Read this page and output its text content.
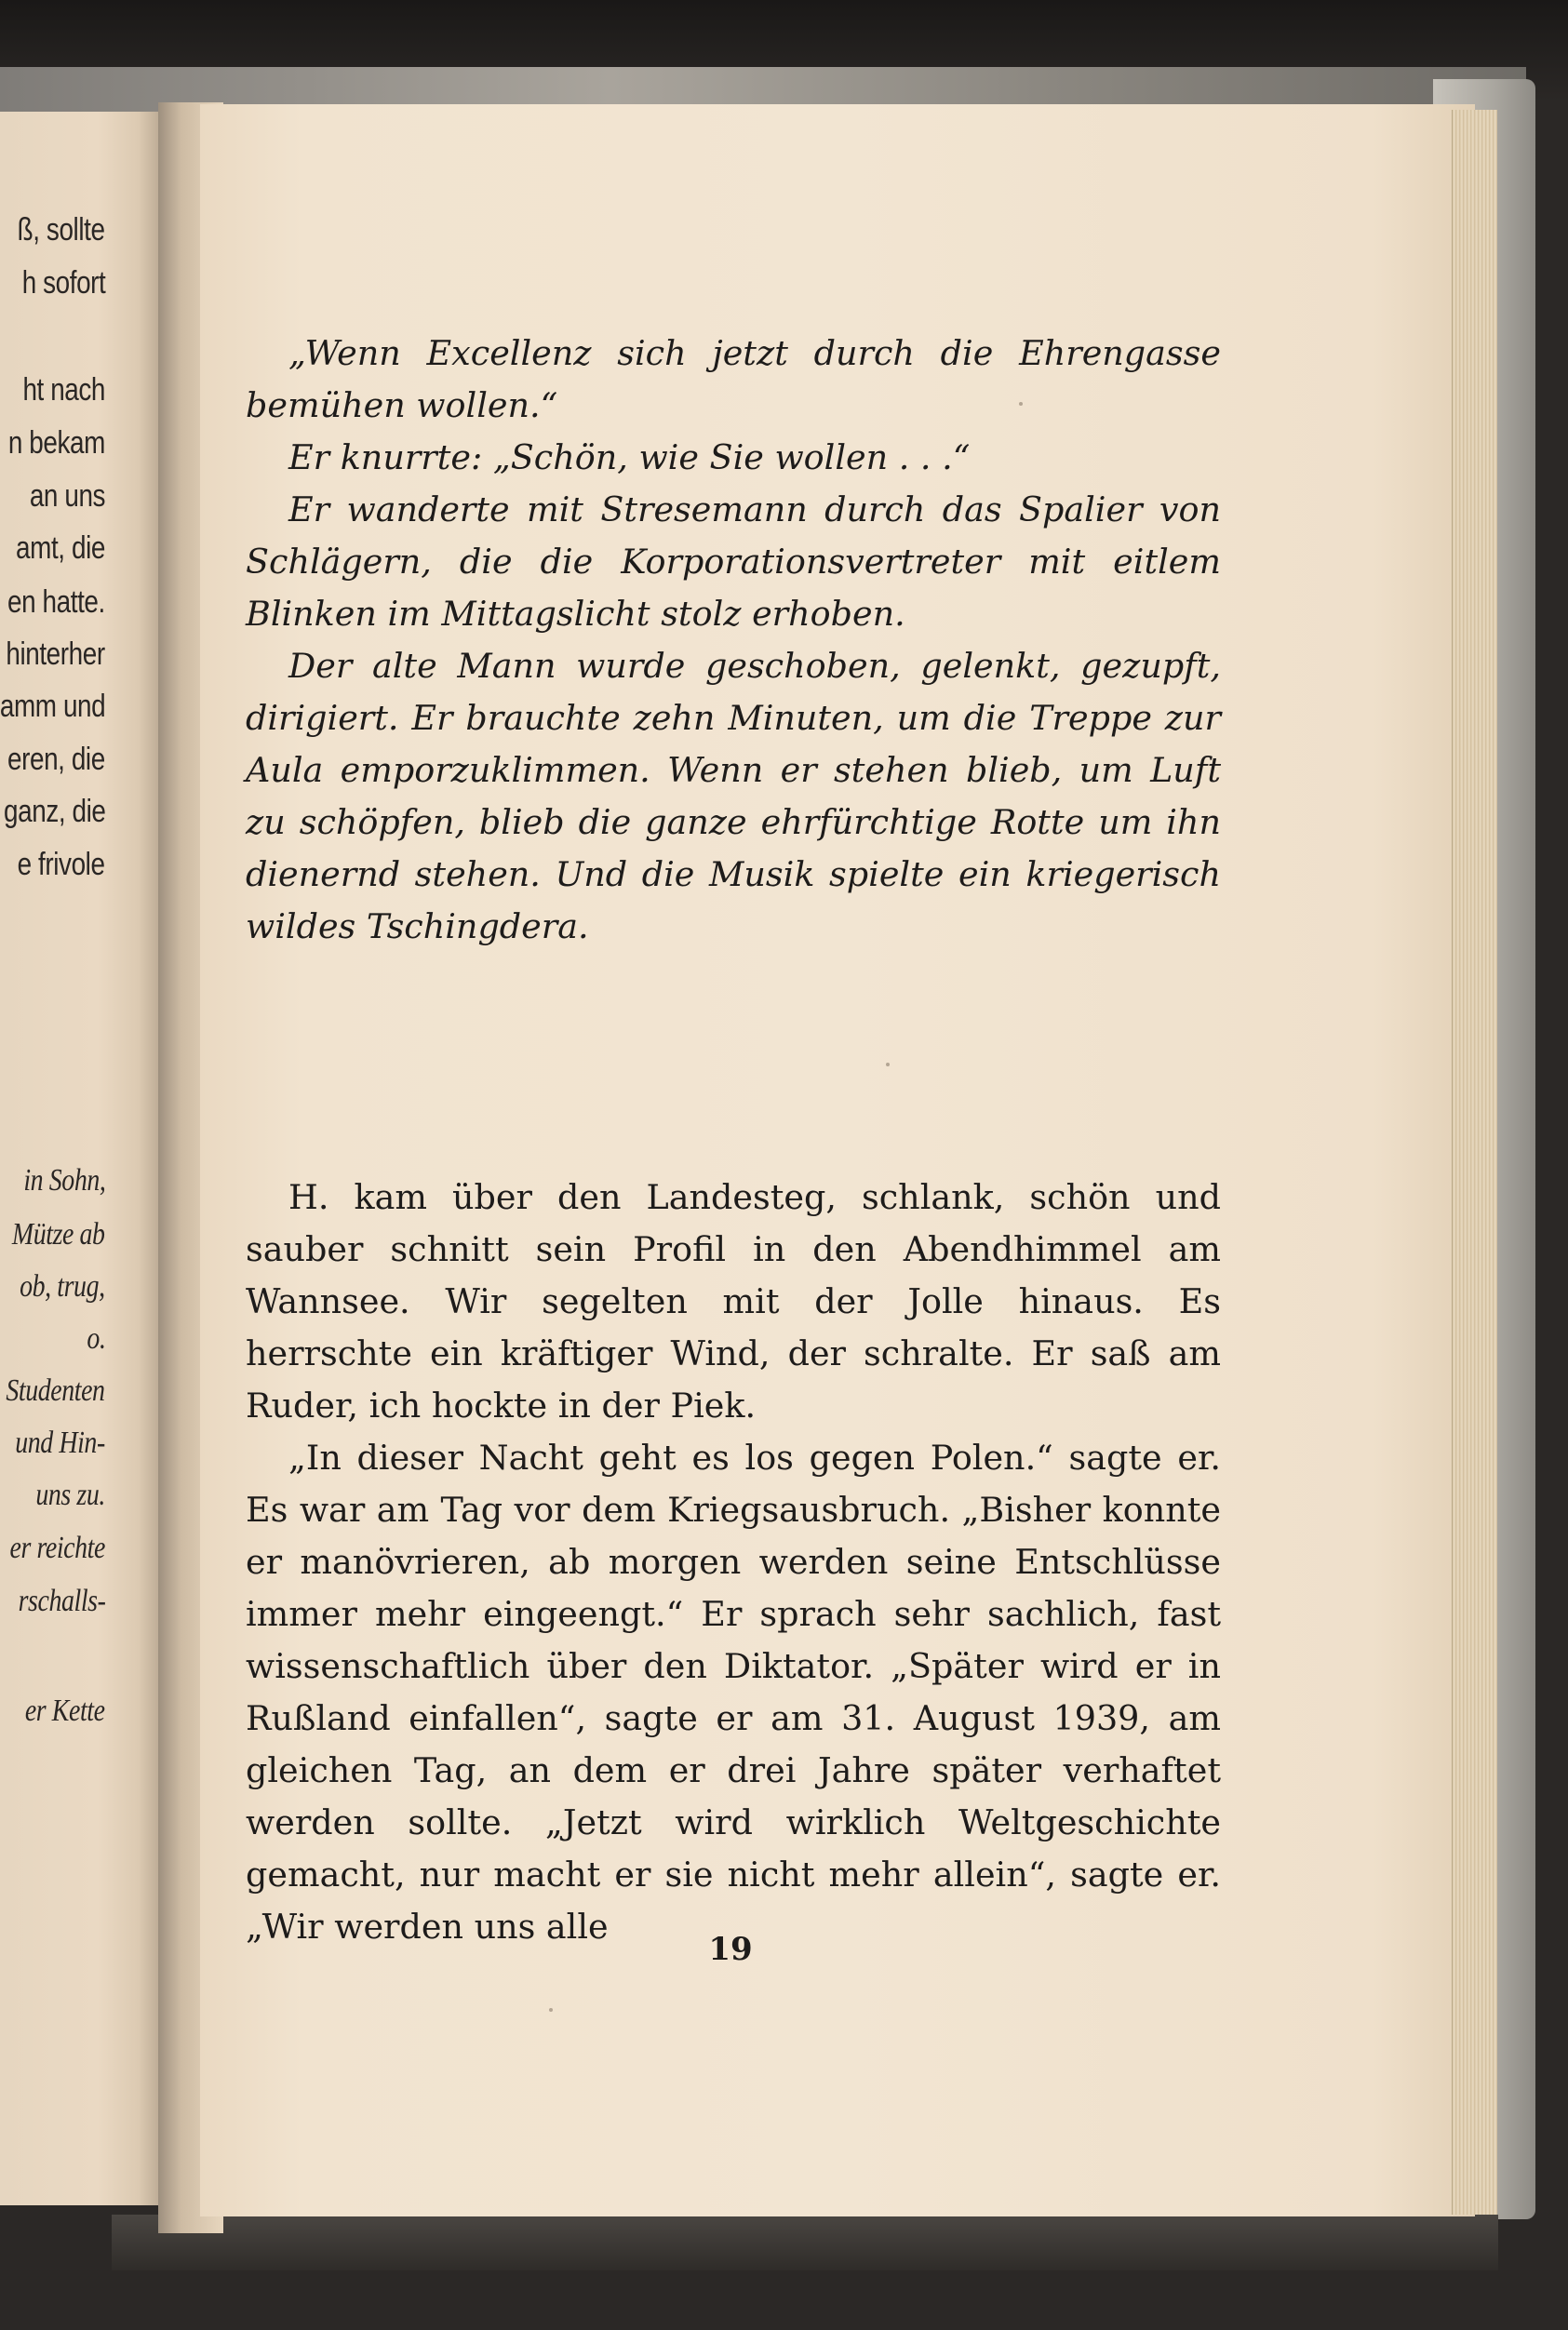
ß, sollte
h sofort
ht nach
n bekam
an uns
amt, die
en hatte.
hinterher
amm und
eren, die
ganz, die
e frivole
in Sohn,
Mütze ab
ob, trug,
o.
Studenten
und Hin-
uns zu.
er reichte
rschalls-
er Kette

„Wenn Excellenz sich jetzt durch die Ehrengasse bemühen wollen.“

Er knurrte: „Schön, wie Sie wollen . . .“

Er wanderte mit Stresemann durch das Spalier von Schlägern, die die Korporationsvertreter mit eitlem Blinken im Mittagslicht stolz erhoben.

Der alte Mann wurde geschoben, gelenkt, gezupft, dirigiert. Er brauchte zehn Minuten, um die Treppe zur Aula emporzuklimmen. Wenn er stehen blieb, um Luft zu schöpfen, blieb die ganze ehrfürchtige Rotte um ihn dienernd stehen. Und die Musik spielte ein kriegerisch wildes Tschingdera.

H. kam über den Landesteg, schlank, schön und sauber schnitt sein Profil in den Abendhimmel am Wannsee. Wir segelten mit der Jolle hinaus. Es herrschte ein kräftiger Wind, der schralte. Er saß am Ruder, ich hockte in der Piek.

„In dieser Nacht geht es los gegen Polen.“ sagte er. Es war am Tag vor dem Kriegsausbruch. „Bisher konnte er manövrieren, ab morgen werden seine Entschlüsse immer mehr eingeengt.“ Er sprach sehr sachlich, fast wissenschaftlich über den Diktator. „Später wird er in Rußland einfallen“, sagte er am 31. August 1939, am gleichen Tag, an dem er drei Jahre später verhaftet werden sollte. „Jetzt wird wirklich Weltgeschichte gemacht, nur macht er sie nicht mehr allein“, sagte er. „Wir werden uns alle

19
